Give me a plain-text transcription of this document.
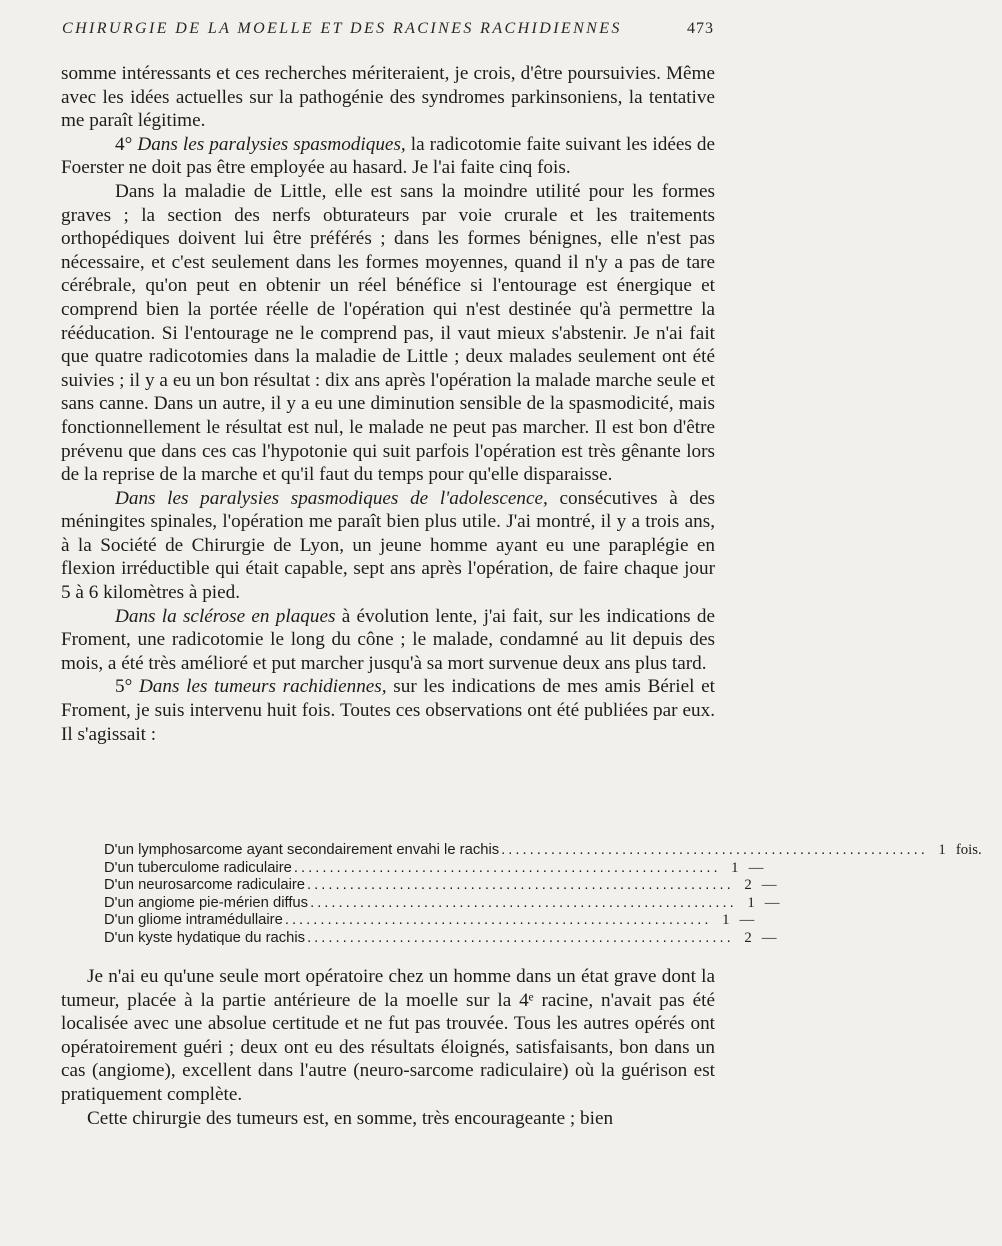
CHIRURGIE DE LA MOELLE ET DES RACINES RACHIDIENNES	473

somme intéressants et ces recherches mériteraient, je crois, d'être poursuivies. Même avec les idées actuelles sur la pathogénie des syndromes parkinsoniens, la tentative me paraît légitime.

4° Dans les paralysies spasmodiques, la radicotomie faite suivant les idées de Foerster ne doit pas être employée au hasard. Je l'ai faite cinq fois.

Dans la maladie de Little, elle est sans la moindre utilité pour les formes graves ; la section des nerfs obturateurs par voie crurale et les traitements orthopédiques doivent lui être préférés ; dans les formes bénignes, elle n'est pas nécessaire, et c'est seulement dans les formes moyennes, quand il n'y a pas de tare cérébrale, qu'on peut en obtenir un réel bénéfice si l'entourage est énergique et comprend bien la portée réelle de l'opération qui n'est destinée qu'à permettre la rééducation. Si l'entourage ne le comprend pas, il vaut mieux s'abstenir. Je n'ai fait que quatre radicotomies dans la maladie de Little ; deux malades seulement ont été suivies ; il y a eu un bon résultat : dix ans après l'opération la malade marche seule et sans canne. Dans un autre, il y a eu une diminution sensible de la spasmodicité, mais fonctionnellement le résultat est nul, le malade ne peut pas marcher. Il est bon d'être prévenu que dans ces cas l'hypotonie qui suit parfois l'opération est très gênante lors de la reprise de la marche et qu'il faut du temps pour qu'elle disparaisse.

Dans les paralysies spasmodiques de l'adolescence, consécutives à des méningites spinales, l'opération me paraît bien plus utile. J'ai montré, il y a trois ans, à la Société de Chirurgie de Lyon, un jeune homme ayant eu une paraplégie en flexion irréductible qui était capable, sept ans après l'opération, de faire chaque jour 5 à 6 kilomètres à pied.

Dans la sclérose en plaques à évolution lente, j'ai fait, sur les indications de Froment, une radicotomie le long du cône ; le malade, condamné au lit depuis des mois, a été très amélioré et put marcher jusqu'à sa mort survenue deux ans plus tard.

5° Dans les tumeurs rachidiennes, sur les indications de mes amis Bériel et Froment, je suis intervenu huit fois. Toutes ces observations ont été publiées par eux. Il s'agissait :

D'un lymphosarcome ayant secondairement envahi le rachis ............................................................ 1 fois.
D'un tuberculome radiculaire ............................................................ 1 —
D'un neurosarcome radiculaire ............................................................ 2 —
D'un angiome pie-mérien diffus ............................................................ 1 —
D'un gliome intramédullaire ............................................................ 1 —
D'un kyste hydatique du rachis ............................................................ 2 —

Je n'ai eu qu'une seule mort opératoire chez un homme dans un état grave dont la tumeur, placée à la partie antérieure de la moelle sur la 4ᵉ racine, n'avait pas été localisée avec une absolue certitude et ne fut pas trouvée. Tous les autres opérés ont opératoirement guéri ; deux ont eu des résultats éloignés, satisfaisants, bon dans un cas (angiome), excellent dans l'autre (neuro-sarcome radiculaire) où la guérison est pratiquement complète.

Cette chirurgie des tumeurs est, en somme, très encourageante ; bien
